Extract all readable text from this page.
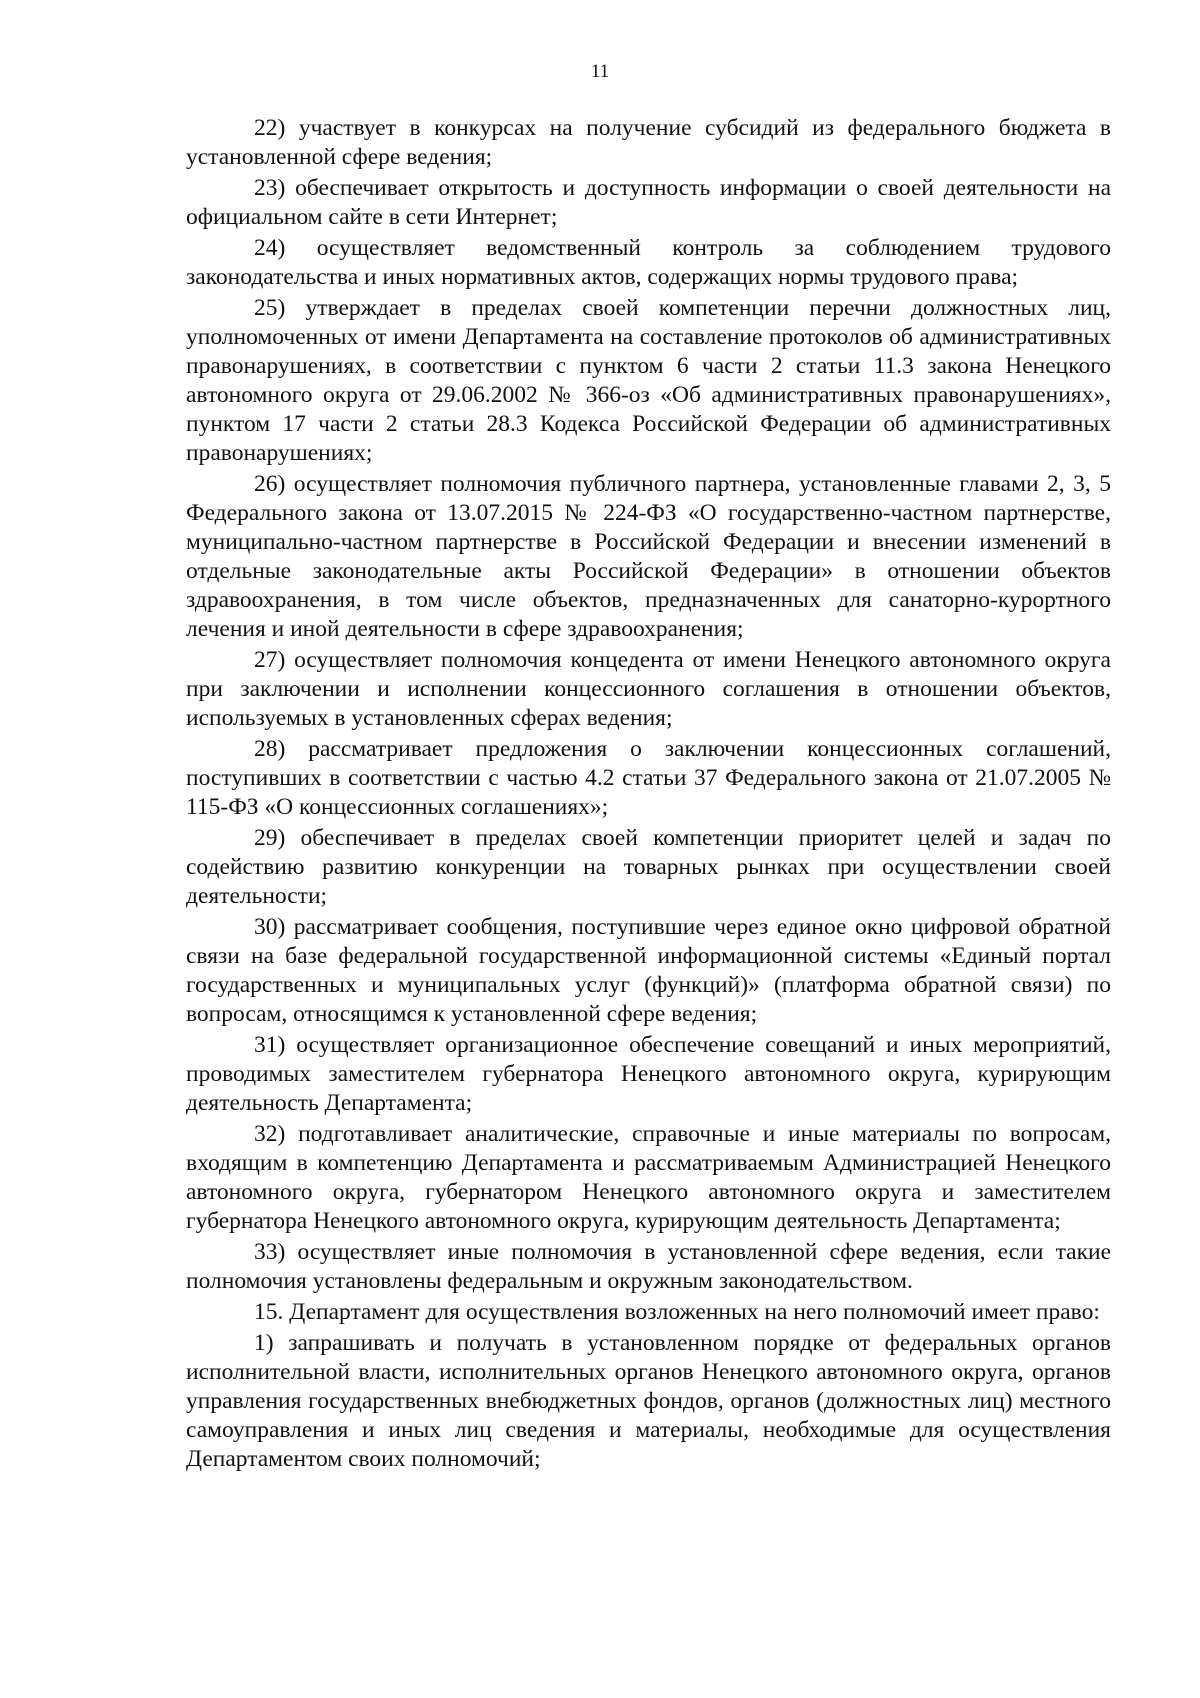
11

22) участвует в конкурсах на получение субсидий из федерального бюджета в установленной сфере ведения;

23) обеспечивает открытость и доступность информации о своей деятельности на официальном сайте в сети Интернет;

24) осуществляет ведомственный контроль за соблюдением трудового законодательства и иных нормативных актов, содержащих нормы трудового права;

25) утверждает в пределах своей компетенции перечни должностных лиц, уполномоченных от имени Департамента на составление протоколов об административных правонарушениях, в соответствии с пунктом 6 части 2 статьи 11.3 закона Ненецкого автономного округа от 29.06.2002 № 366-оз «Об административных правонарушениях», пунктом 17 части 2 статьи 28.3 Кодекса Российской Федерации об административных правонарушениях;

26) осуществляет полномочия публичного партнера, установленные главами 2, 3, 5 Федерального закона от 13.07.2015 № 224-ФЗ «О государственно-частном партнерстве, муниципально-частном партнерстве в Российской Федерации и внесении изменений в отдельные законодательные акты Российской Федерации» в отношении объектов здравоохранения, в том числе объектов, предназначенных для санаторно-курортного лечения и иной деятельности в сфере здравоохранения;

27) осуществляет полномочия концедента от имени Ненецкого автономного округа при заключении и исполнении концессионного соглашения в отношении объектов, используемых в установленных сферах ведения;

28) рассматривает предложения о заключении концессионных соглашений, поступивших в соответствии с частью 4.2 статьи 37 Федерального закона от 21.07.2005 № 115-ФЗ «О концессионных соглашениях»;

29) обеспечивает в пределах своей компетенции приоритет целей и задач по содействию развитию конкуренции на товарных рынках при осуществлении своей деятельности;

30) рассматривает сообщения, поступившие через единое окно цифровой обратной связи на базе федеральной государственной информационной системы «Единый портал государственных и муниципальных услуг (функций)» (платформа обратной связи) по вопросам, относящимся к установленной сфере ведения;

31) осуществляет организационное обеспечение совещаний и иных мероприятий, проводимых заместителем губернатора Ненецкого автономного округа, курирующим деятельность Департамента;

32) подготавливает аналитические, справочные и иные материалы по вопросам, входящим в компетенцию Департамента и рассматриваемым Администрацией Ненецкого автономного округа, губернатором Ненецкого автономного округа и заместителем губернатора Ненецкого автономного округа, курирующим деятельность Департамента;

33) осуществляет иные полномочия в установленной сфере ведения, если такие полномочия установлены федеральным и окружным законодательством.

15. Департамент для осуществления возложенных на него полномочий имеет право:

1) запрашивать и получать в установленном порядке от федеральных органов исполнительной власти, исполнительных органов Ненецкого автономного округа, органов управления государственных внебюджетных фондов, органов (должностных лиц) местного самоуправления и иных лиц сведения и материалы, необходимые для осуществления Департаментом своих полномочий;
